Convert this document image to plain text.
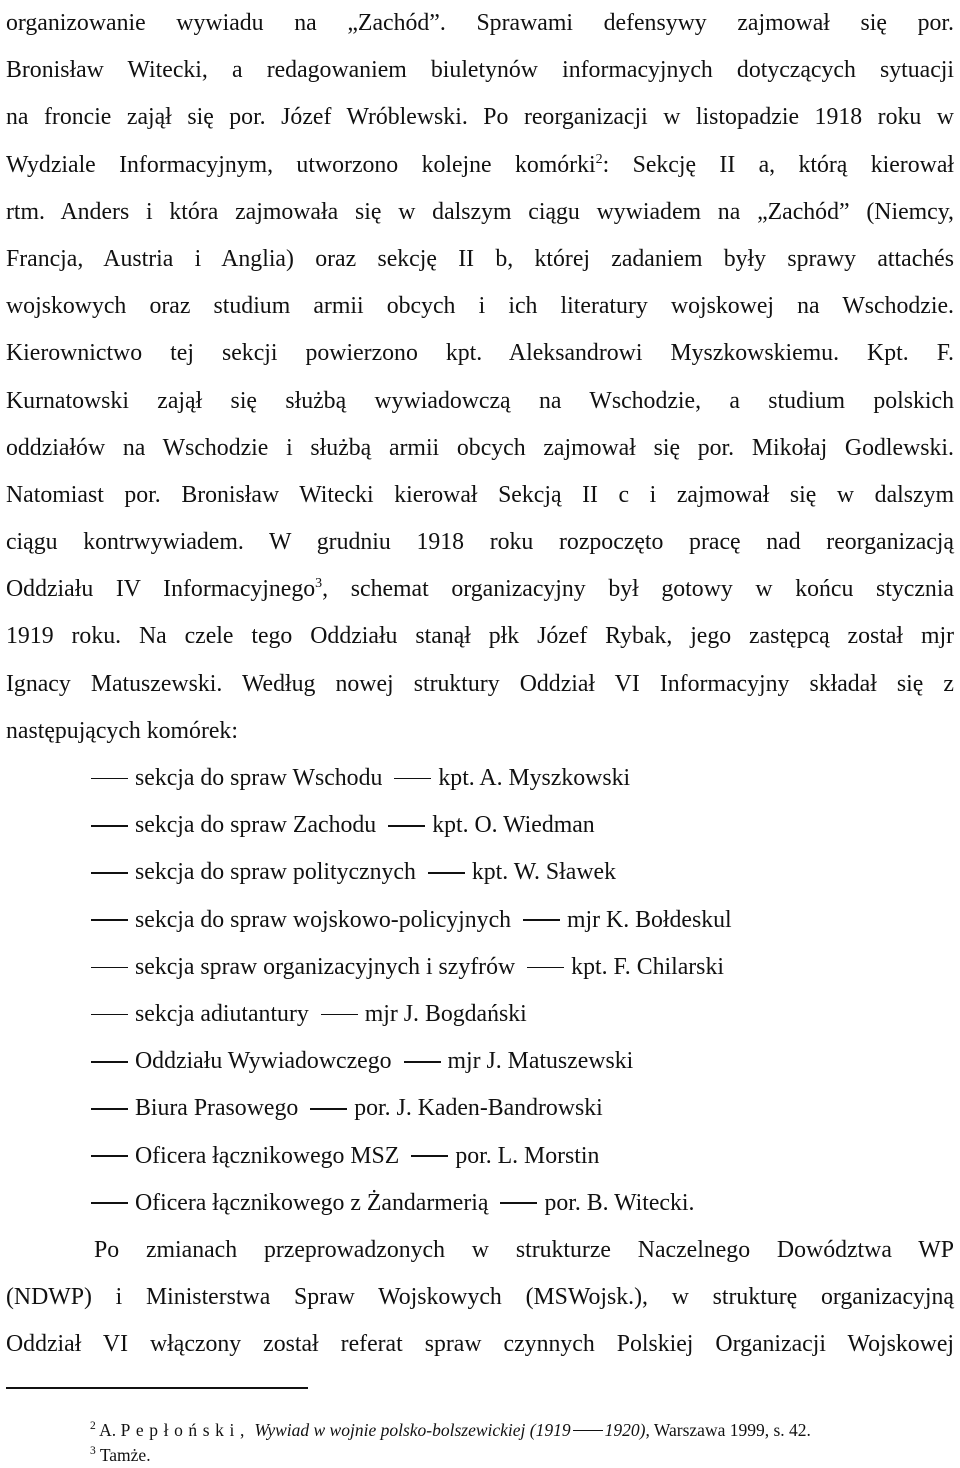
organizowanie wywiadu na „Zachód”. Sprawami defensywy zajmował się por.
Bronisław Witecki, a redagowaniem biuletynów informacyjnych dotyczących sytuacji
na froncie zajął się por. Józef Wróblewski. Po reorganizacji w listopadzie 1918 roku w
Wydziale Informacyjnym, utworzono kolejne komórki$^2$: Sekcję II a, którą kierował
rtm. Anders i która zajmowała się w dalszym ciągu wywiadem na „Zachód” (Niemcy,
Francja, Austria i Anglia) oraz sekcję II b, której zadaniem były sprawy attachés
wojskowych oraz studium armii obcych i ich literatury wojskowej na Wschodzie.
Kierownictwo tej sekcji powierzono kpt. Aleksandrowi Myszkowskiemu. Kpt. F.
Kurnatowski zajął się służbą wywiadowczą na Wschodzie, a studium polskich
oddziałów na Wschodzie i służbą armii obcych zajmował się por. Mikołaj Godlewski.
Natomiast por. Bronisław Witecki kierował Sekcją II c i zajmował się w dalszym
ciągu kontrwywiadem. W grudniu 1918 roku rozpoczęto pracę nad reorganizacją
Oddziału IV Informacyjnego$^3$, schemat organizacyjny był gotowy w końcu stycznia
1919 roku. Na czele tego Oddziału stanął płk Józef Rybak, jego zastępcą został mjr
Ignacy Matuszewski. Według nowej struktury Oddział VI Informacyjny składał się z
następujących komórek:
sekcja do spraw Wschodu kpt. A. Myszkowski
sekcja do spraw Zachodu kpt. O. Wiedman
sekcja do spraw politycznych kpt. W. Sławek
sekcja do spraw wojskowo-policyjnych mjr K. Bołdeskul
sekcja spraw organizacyjnych i szyfrów kpt. F. Chilarski
sekcja adiutantury mjr J. Bogdański
Oddziału Wywiadowczego mjr J. Matuszewski
Biura Prasowego por. J. Kaden-Bandrowski
Oficera łącznikowego MSZ por. L. Morstin
Oficera łącznikowego z Żandarmerią por. B. Witecki.
Po zmianach przeprowadzonych w strukturze Naczelnego Dowództwa WP
(NDWP) i Ministerstwa Spraw Wojskowych (MSWojsk.), w strukturę organizacyjną
Oddział VI włączony został referat spraw czynnych Polskiej Organizacji Wojskowej
$^2$ A. Pepłoński, Wywiad w wojnie polsko-bolszewickiej (1919 1920), Warszawa 1999, s. 42.
$^3$ Tamże.
